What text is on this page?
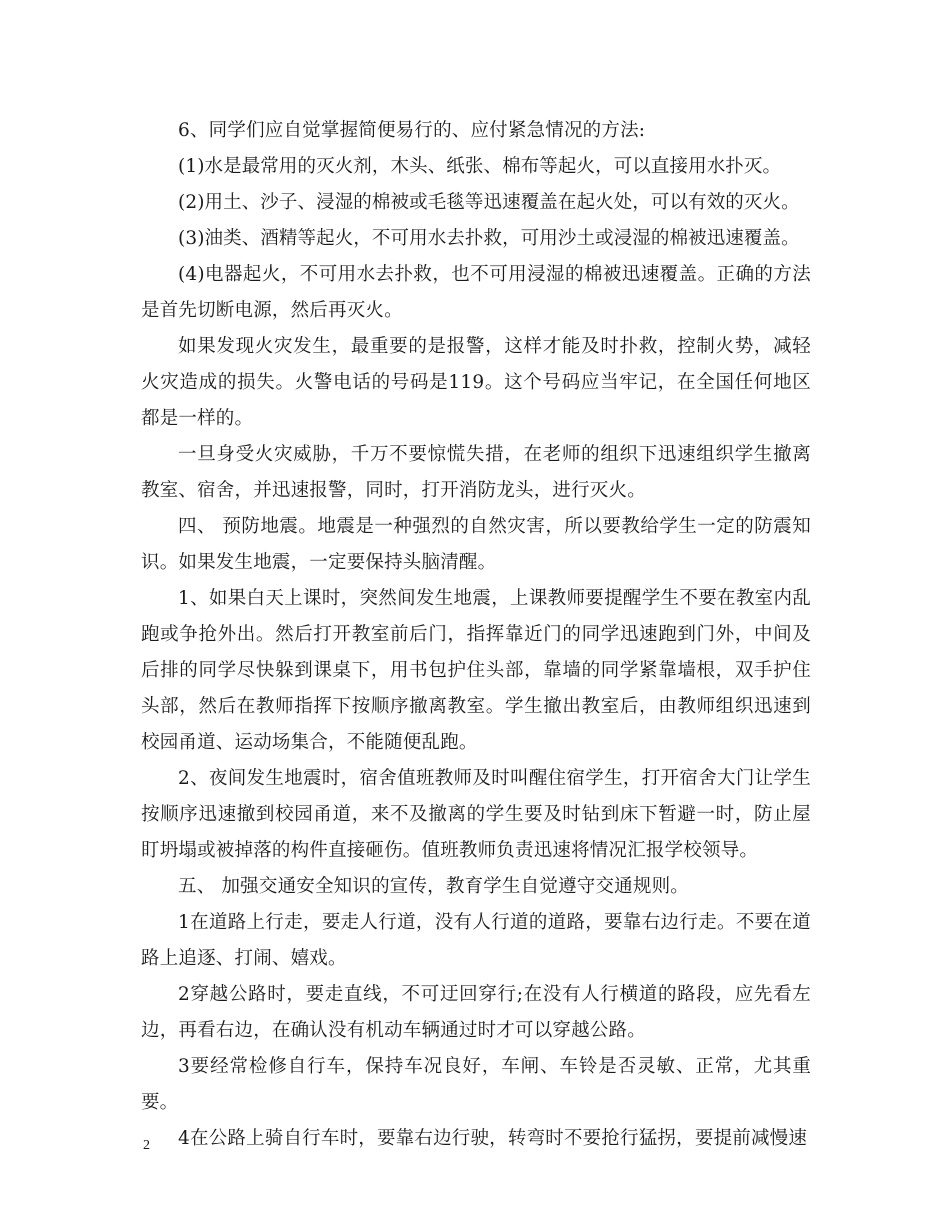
6、同学们应自觉掌握简便易行的、应付紧急情况的方法:

(1)水是最常用的灭火剂，木头、纸张、棉布等起火，可以直接用水扑灭。

(2)用土、沙子、浸湿的棉被或毛毯等迅速覆盖在起火处，可以有效的灭火。

(3)油类、酒精等起火，不可用水去扑救，可用沙土或浸湿的棉被迅速覆盖。

(4)电器起火，不可用水去扑救，也不可用浸湿的棉被迅速覆盖。正确的方法是首先切断电源，然后再灭火。

如果发现火灾发生，最重要的是报警，这样才能及时扑救，控制火势，减轻火灾造成的损失。火警电话的号码是119。这个号码应当牢记，在全国任何地区都是一样的。

一旦身受火灾威胁，千万不要惊慌失措，在老师的组织下迅速组织学生撤离教室、宿舍，并迅速报警，同时，打开消防龙头，进行灭火。

四、 预防地震。地震是一种强烈的自然灾害，所以要教给学生一定的防震知识。如果发生地震，一定要保持头脑清醒。

1、如果白天上课时，突然间发生地震，上课教师要提醒学生不要在教室内乱跑或争抢外出。然后打开教室前后门，指挥靠近门的同学迅速跑到门外，中间及后排的同学尽快躲到课桌下，用书包护住头部，靠墙的同学紧靠墙根，双手护住头部，然后在教师指挥下按顺序撤离教室。学生撤出教室后，由教师组织迅速到校园甬道、运动场集合，不能随便乱跑。

2、夜间发生地震时，宿舍值班教师及时叫醒住宿学生，打开宿舍大门让学生按顺序迅速撤到校园甬道，来不及撤离的学生要及时钻到床下暂避一时，防止屋盯坍塌或被掉落的构件直接砸伤。值班教师负责迅速将情况汇报学校领导。

五、 加强交通安全知识的宣传，教育学生自觉遵守交通规则。

1在道路上行走，要走人行道，没有人行道的道路，要靠右边行走。不要在道路上追逐、打闹、嬉戏。

2穿越公路时，要走直线，不可迂回穿行;在没有人行横道的路段，应先看左边，再看右边，在确认没有机动车辆通过时才可以穿越公路。

3要经常检修自行车，保持车况良好，车闸、车铃是否灵敏、正常，尤其重要。

4在公路上骑自行车时，要靠右边行驶，转弯时不要抢行猛拐，要提前减慢速

2
